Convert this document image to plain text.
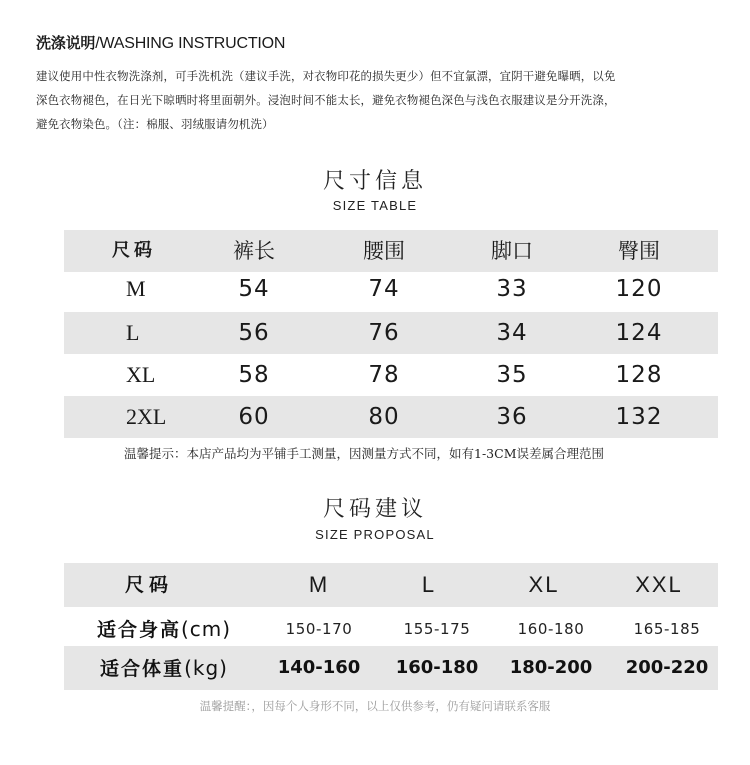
洗涤说明/WASHING INSTRUCTION
建议使用中性衣物洗涤剂，可手洗机洗（建议手洗，对衣物印花的损失更少）但不宜氯漂，宜阴干避免曝晒，以免
深色衣物褪色，在日光下晾晒时将里面朝外。浸泡时间不能太长，避免衣物褪色深色与浅色衣服建议是分开洗涤，
避免衣物染色。（注：棉服、羽绒服请勿机洗）
尺寸信息
SIZE TABLE
尺码	裤长	腰围	脚口	臀围
M	54	74	33	120
L	56	76	34	124
XL	58	78	35	128
2XL	60	80	36	132
温馨提示：本店产品均为平铺手工测量，因测量方式不同，如有1-3CM误差属合理范围
尺码建议
SIZE PROPOSAL
尺码	M	L	XL	XXL
适合身高(cm)	150-170	155-175	160-180	165-185
适合体重(kg)	140-160	160-180	180-200	200-220
温馨提醒：，因每个人身形不同，以上仅供参考，仍有疑问请联系客服
